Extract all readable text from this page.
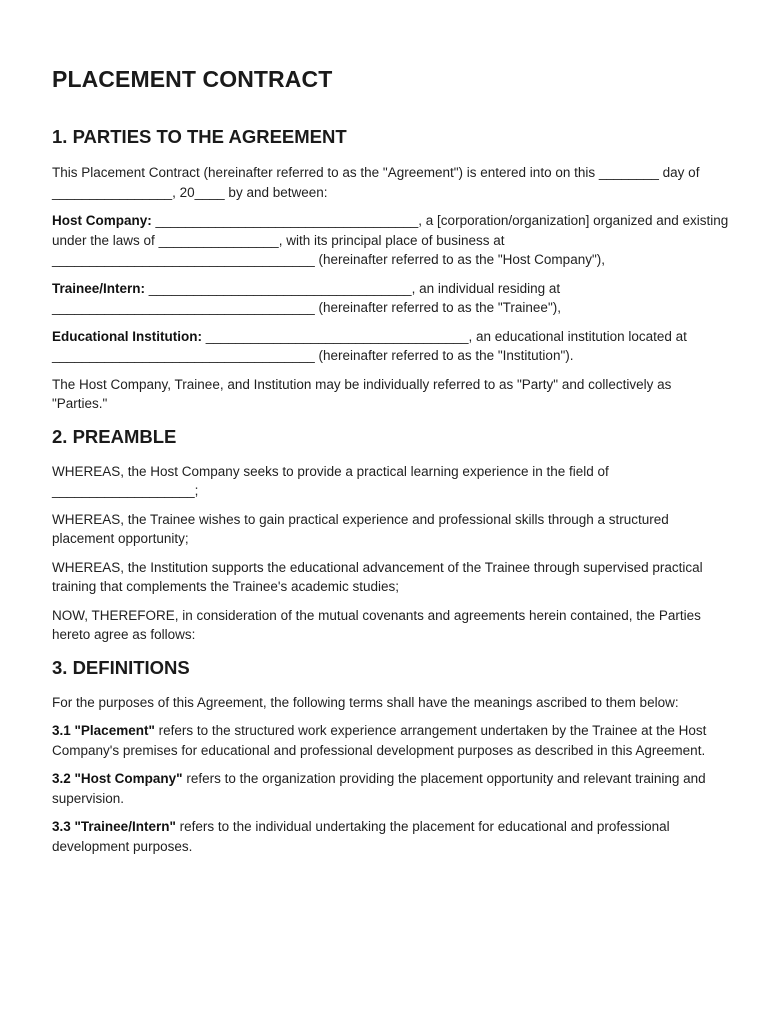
PLACEMENT CONTRACT
1. PARTIES TO THE AGREEMENT

This Placement Contract (hereinafter referred to as the "Agreement") is entered into on this ________ day of ________________, 20____ by and between:

Host Company: ___________________________________, a [corporation/organization] organized and existing under the laws of ________________, with its principal place of business at ___________________________________ (hereinafter referred to as the "Host Company"),

Trainee/Intern: ___________________________________, an individual residing at ___________________________________ (hereinafter referred to as the "Trainee"),

Educational Institution: ___________________________________, an educational institution located at ___________________________________ (hereinafter referred to as the "Institution").

The Host Company, Trainee, and Institution may be individually referred to as "Party" and collectively as "Parties."

2. PREAMBLE

WHEREAS, the Host Company seeks to provide a practical learning experience in the field of ___________________;

WHEREAS, the Trainee wishes to gain practical experience and professional skills through a structured placement opportunity;

WHEREAS, the Institution supports the educational advancement of the Trainee through supervised practical training that complements the Trainee's academic studies;

NOW, THEREFORE, in consideration of the mutual covenants and agreements herein contained, the Parties hereto agree as follows:

3. DEFINITIONS

For the purposes of this Agreement, the following terms shall have the meanings ascribed to them below:

3.1 "Placement" refers to the structured work experience arrangement undertaken by the Trainee at the Host Company's premises for educational and professional development purposes as described in this Agreement.

3.2 "Host Company" refers to the organization providing the placement opportunity and relevant training and supervision.

3.3 "Trainee/Intern" refers to the individual undertaking the placement for educational and professional development purposes.
